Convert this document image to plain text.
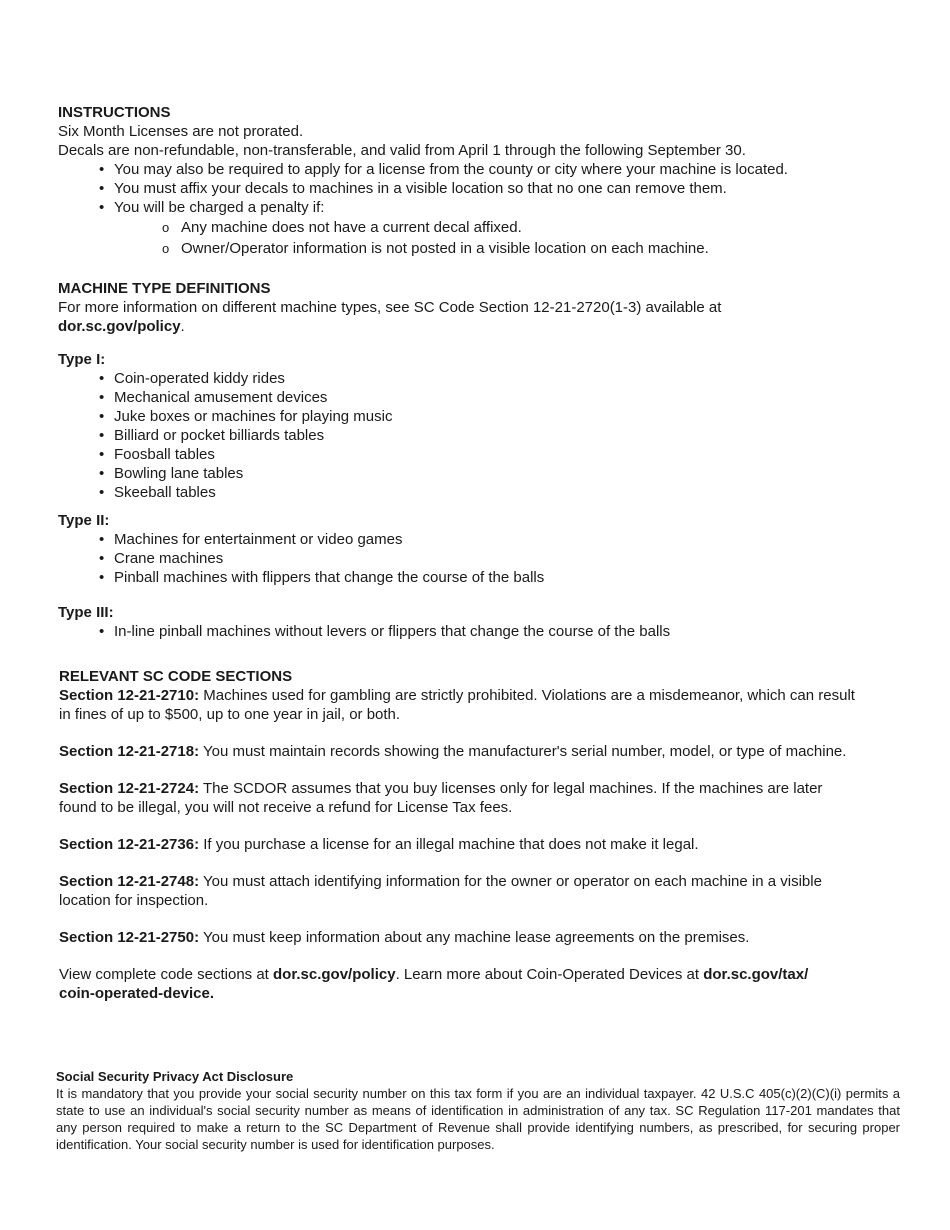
INSTRUCTIONS
Six Month Licenses are not prorated.
Decals are non-refundable, non-transferable, and valid from April 1 through the following September 30.
• You may also be required to apply for a license from the county or city where your machine is located.
• You must affix your decals to machines in a visible location so that no one can remove them.
• You will be charged a penalty if:
o Any machine does not have a current decal affixed.
o Owner/Operator information is not posted in a visible location on each machine.
MACHINE TYPE DEFINITIONS
For more information on different machine types, see SC Code Section 12-21-2720(1-3) available at
dor.sc.gov/policy.
Type I:
• Coin-operated kiddy rides
• Mechanical amusement devices
• Juke boxes or machines for playing music
• Billiard or pocket billiards tables
• Foosball tables
• Bowling lane tables
• Skeeball tables
Type II:
• Machines for entertainment or video games
• Crane machines
• Pinball machines with flippers that change the course of the balls
Type III:
• In-line pinball machines without levers or flippers that change the course of the balls
RELEVANT SC CODE SECTIONS

Section 12-21-2710: Machines used for gambling are strictly prohibited. Violations are a misdemeanor, which can result in fines of up to $500, up to one year in jail, or both.

Section 12-21-2718: You must maintain records showing the manufacturer's serial number, model, or type of machine.

Section 12-21-2724: The SCDOR assumes that you buy licenses only for legal machines. If the machines are later found to be illegal, you will not receive a refund for License Tax fees.

Section 12-21-2736: If you purchase a license for an illegal machine that does not make it legal.

Section 12-21-2748: You must attach identifying information for the owner or operator on each machine in a visible location for inspection.

Section 12-21-2750: You must keep information about any machine lease agreements on the premises.

View complete code sections at dor.sc.gov/policy. Learn more about Coin-Operated Devices at dor.sc.gov/tax/
coin-operated-device.

Social Security Privacy Act Disclosure
It is mandatory that you provide your social security number on this tax form if you are an individual taxpayer. 42 U.S.C 405(c)(2)(C)(i) permits a state to use an individual's social security number as means of identification in administration of any tax. SC Regulation 117-201 mandates that any person required to make a return to the SC Department of Revenue shall provide identifying numbers, as prescribed, for securing proper identification. Your social security number is used for identification purposes.
